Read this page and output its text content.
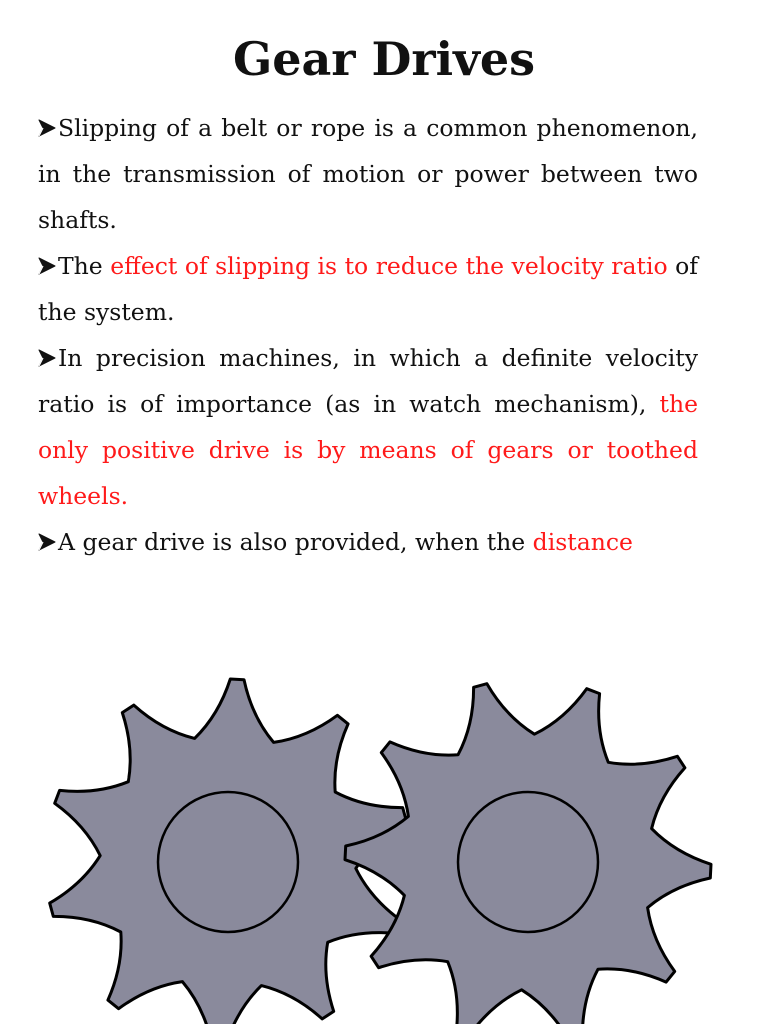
Gear Drives

Slipping of a belt or rope is a common phenomenon, in the transmission of motion or power between two shafts.

The effect of slipping is to reduce the velocity ratio of the system.

In precision machines, in which a definite velocity ratio is of importance (as in watch mechanism), the only positive drive is by means of gears or toothed wheels.

A gear drive is also provided, when the distance
